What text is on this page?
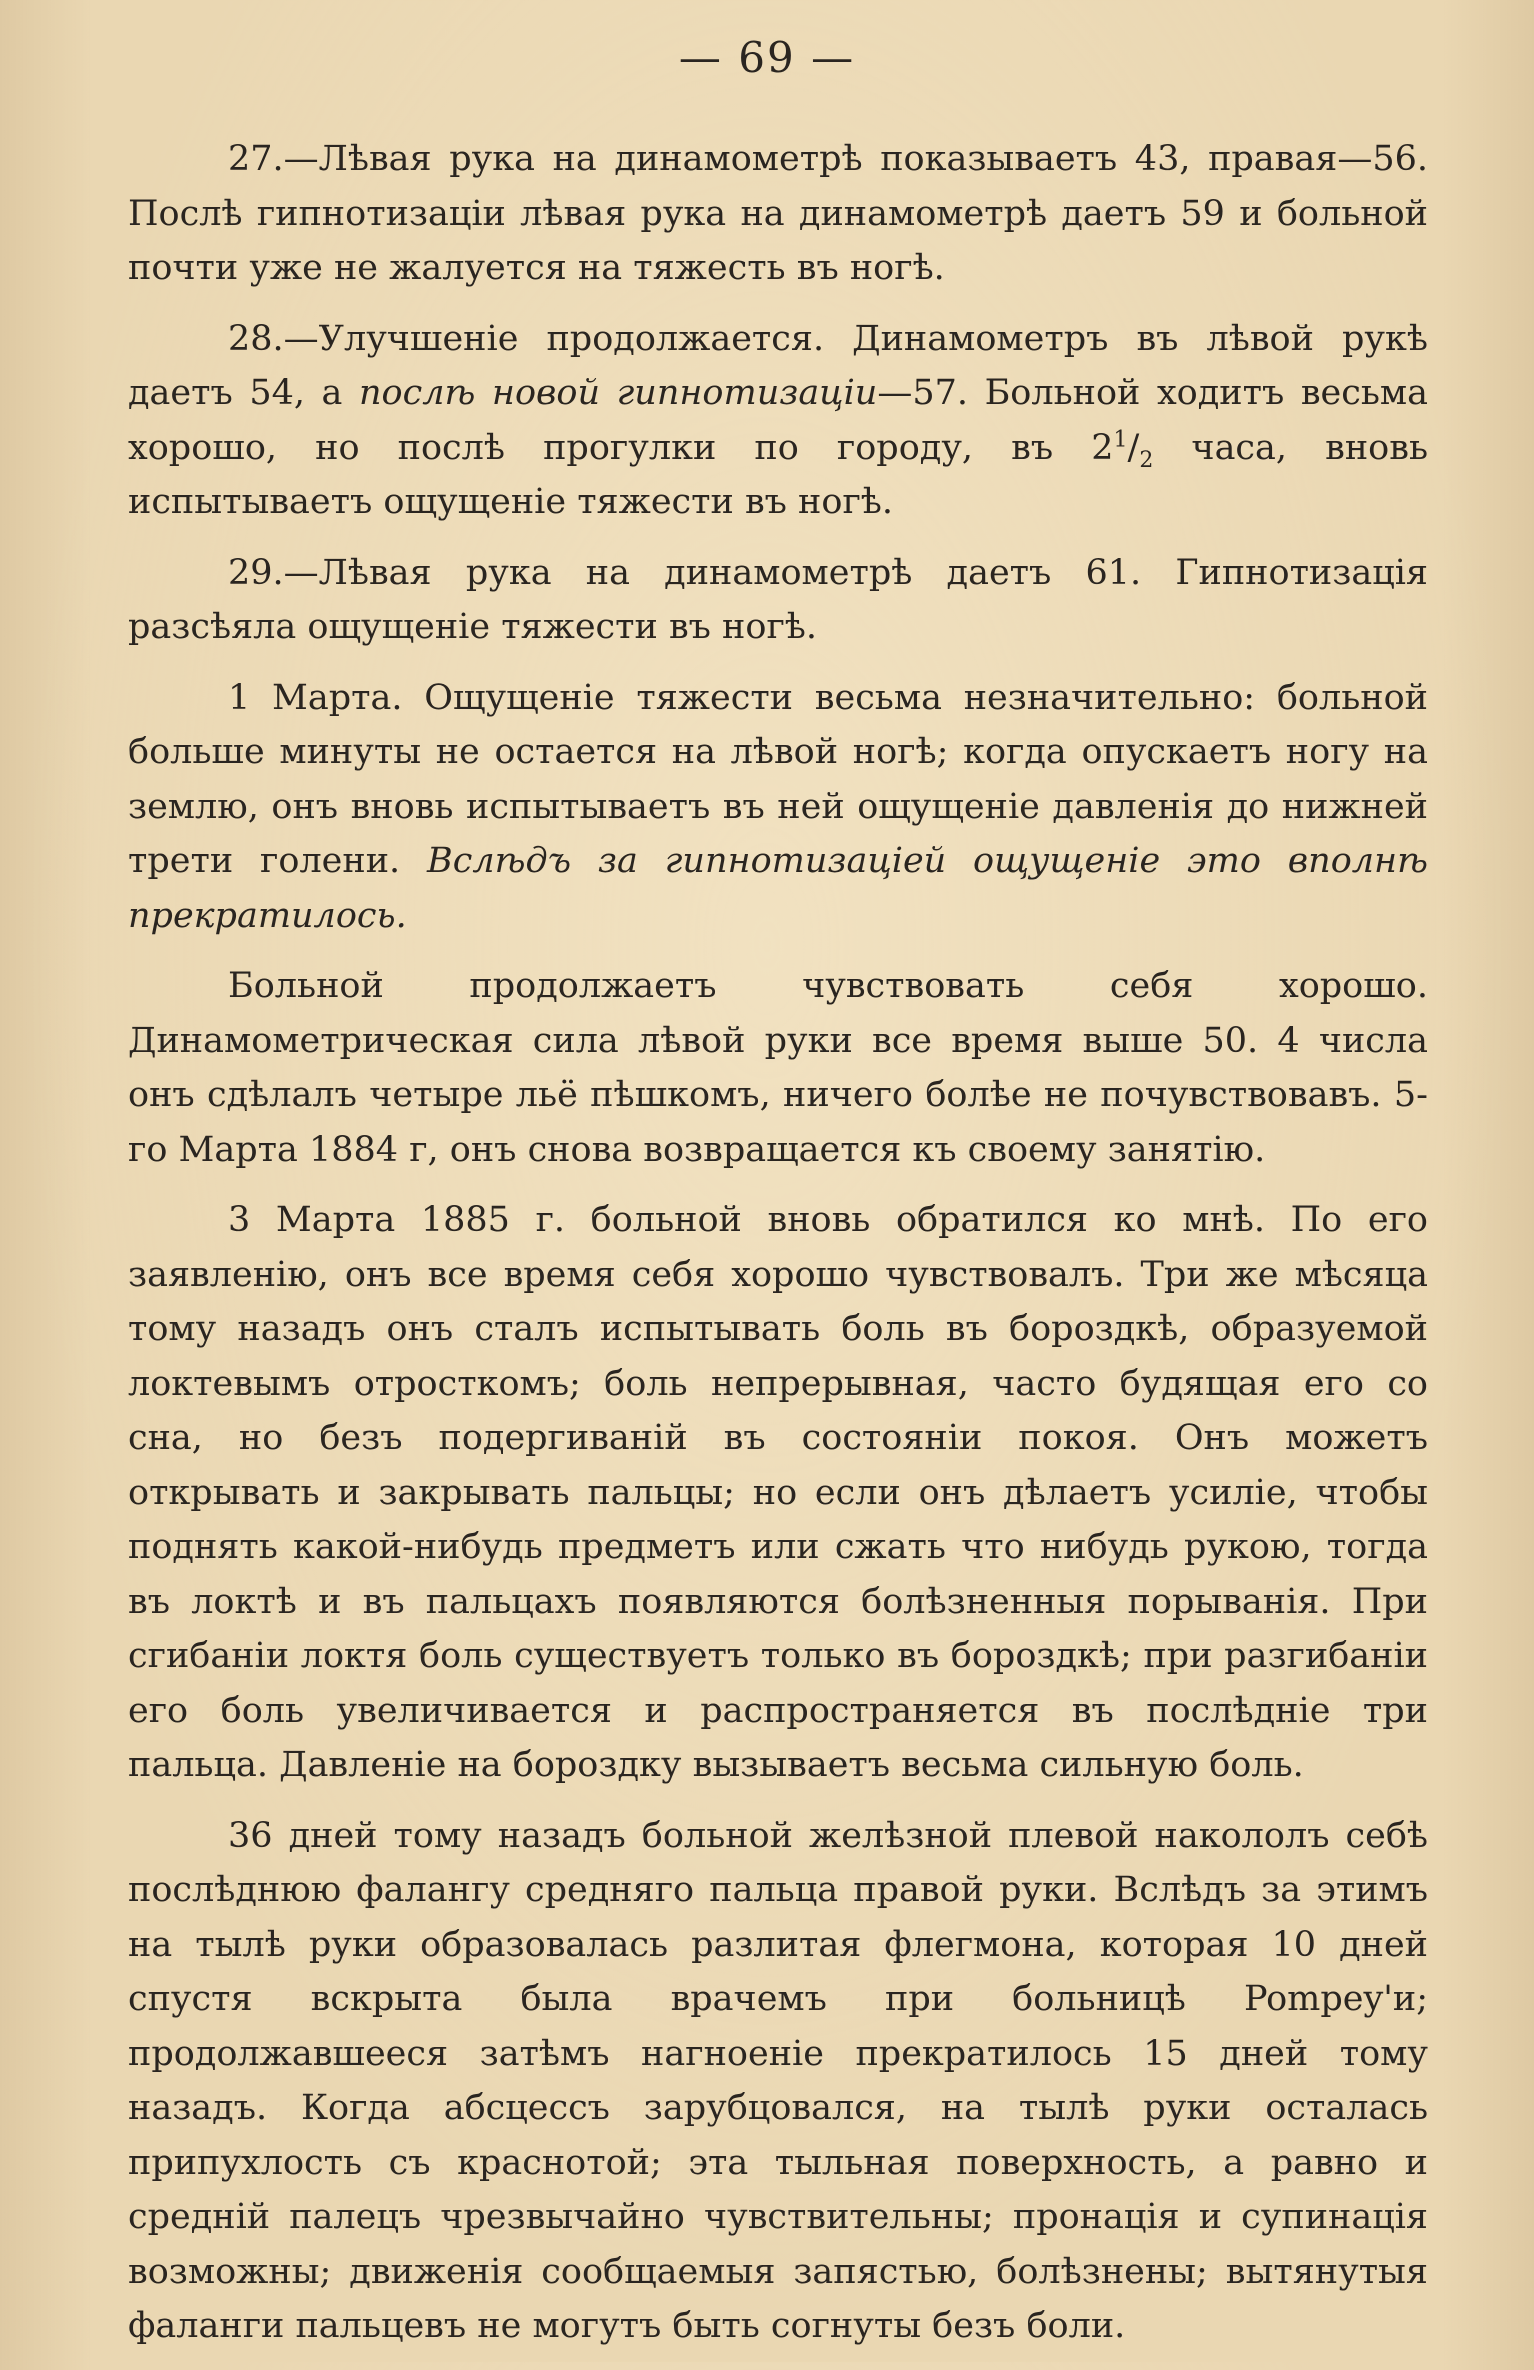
— 69 —

27.—Лѣвая рука на динамометрѣ показываетъ 43, правая—56. Послѣ гипнотизаціи лѣвая рука на динамометрѣ даетъ 59 и больной почти уже не жалуется на тяжесть въ ногѣ.

28.—Улучшеніе продолжается. Динамометръ въ лѣвой рукѣ даетъ 54, а послѣ новой гипнотизаціи—57. Больной ходитъ весьма хорошо, но послѣ прогулки по городу, въ $2^1/_2$ часа, вновь испытываетъ ощущеніе тяжести въ ногѣ.

29.—Лѣвая рука на динамометрѣ даетъ 61. Гипнотизація разсѣяла ощущеніе тяжести въ ногѣ.

1 Марта. Ощущеніе тяжести весьма незначительно: больной больше минуты не остается на лѣвой ногѣ; когда опускаетъ ногу на землю, онъ вновь испытываетъ въ ней ощущеніе давленія до нижней трети голени. Вслѣдъ за гипнотизаціей ощущеніе это вполнѣ прекратилось.

Больной продолжаетъ чувствовать себя хорошо. Динамометрическая сила лѣвой руки все время выше 50. 4 числа онъ сдѣлалъ четыре льё пѣшкомъ, ничего болѣе не почувствовавъ. 5-го Марта 1884 г, онъ снова возвращается къ своему занятію.

3 Марта 1885 г. больной вновь обратился ко мнѣ. По его заявленію, онъ все время себя хорошо чувствовалъ. Три же мѣсяца тому назадъ онъ сталъ испытывать боль въ бороздкѣ, образуемой локтевымъ отросткомъ; боль непрерывная, часто будящая его со сна, но безъ подергиваній въ состояніи покоя. Онъ можетъ открывать и закрывать пальцы; но если онъ дѣлаетъ усиліе, чтобы поднять какой-нибудь предметъ или сжать что нибудь рукою, тогда въ локтѣ и въ пальцахъ появляются болѣзненныя порыванія. При сгибаніи локтя боль существуетъ только въ бороздкѣ; при разгибаніи его боль увеличивается и распространяется въ послѣдніе три пальца. Давленіе на бороздку вызываетъ весьма сильную боль.

36 дней тому назадъ больной желѣзной плевой накололъ себѣ послѣднюю фалангу средняго пальца правой руки. Вслѣдъ за этимъ на тылѣ руки образовалась разлитая флегмона, которая 10 дней спустя вскрыта была врачемъ при больницѣ Pompey'и; продолжавшееся затѣмъ нагноеніе прекратилось 15 дней тому назадъ. Когда абсцессъ зарубцовался, на тылѣ руки осталась припухлость съ краснотой; эта тыльная поверхность, а равно и средній палецъ чрезвычайно чувствительны; пронація и супинація возможны; движенія сообщаемыя запястью, болѣзнены; вытянутыя фаланги пальцевъ не могутъ быть согнуты безъ боли.
